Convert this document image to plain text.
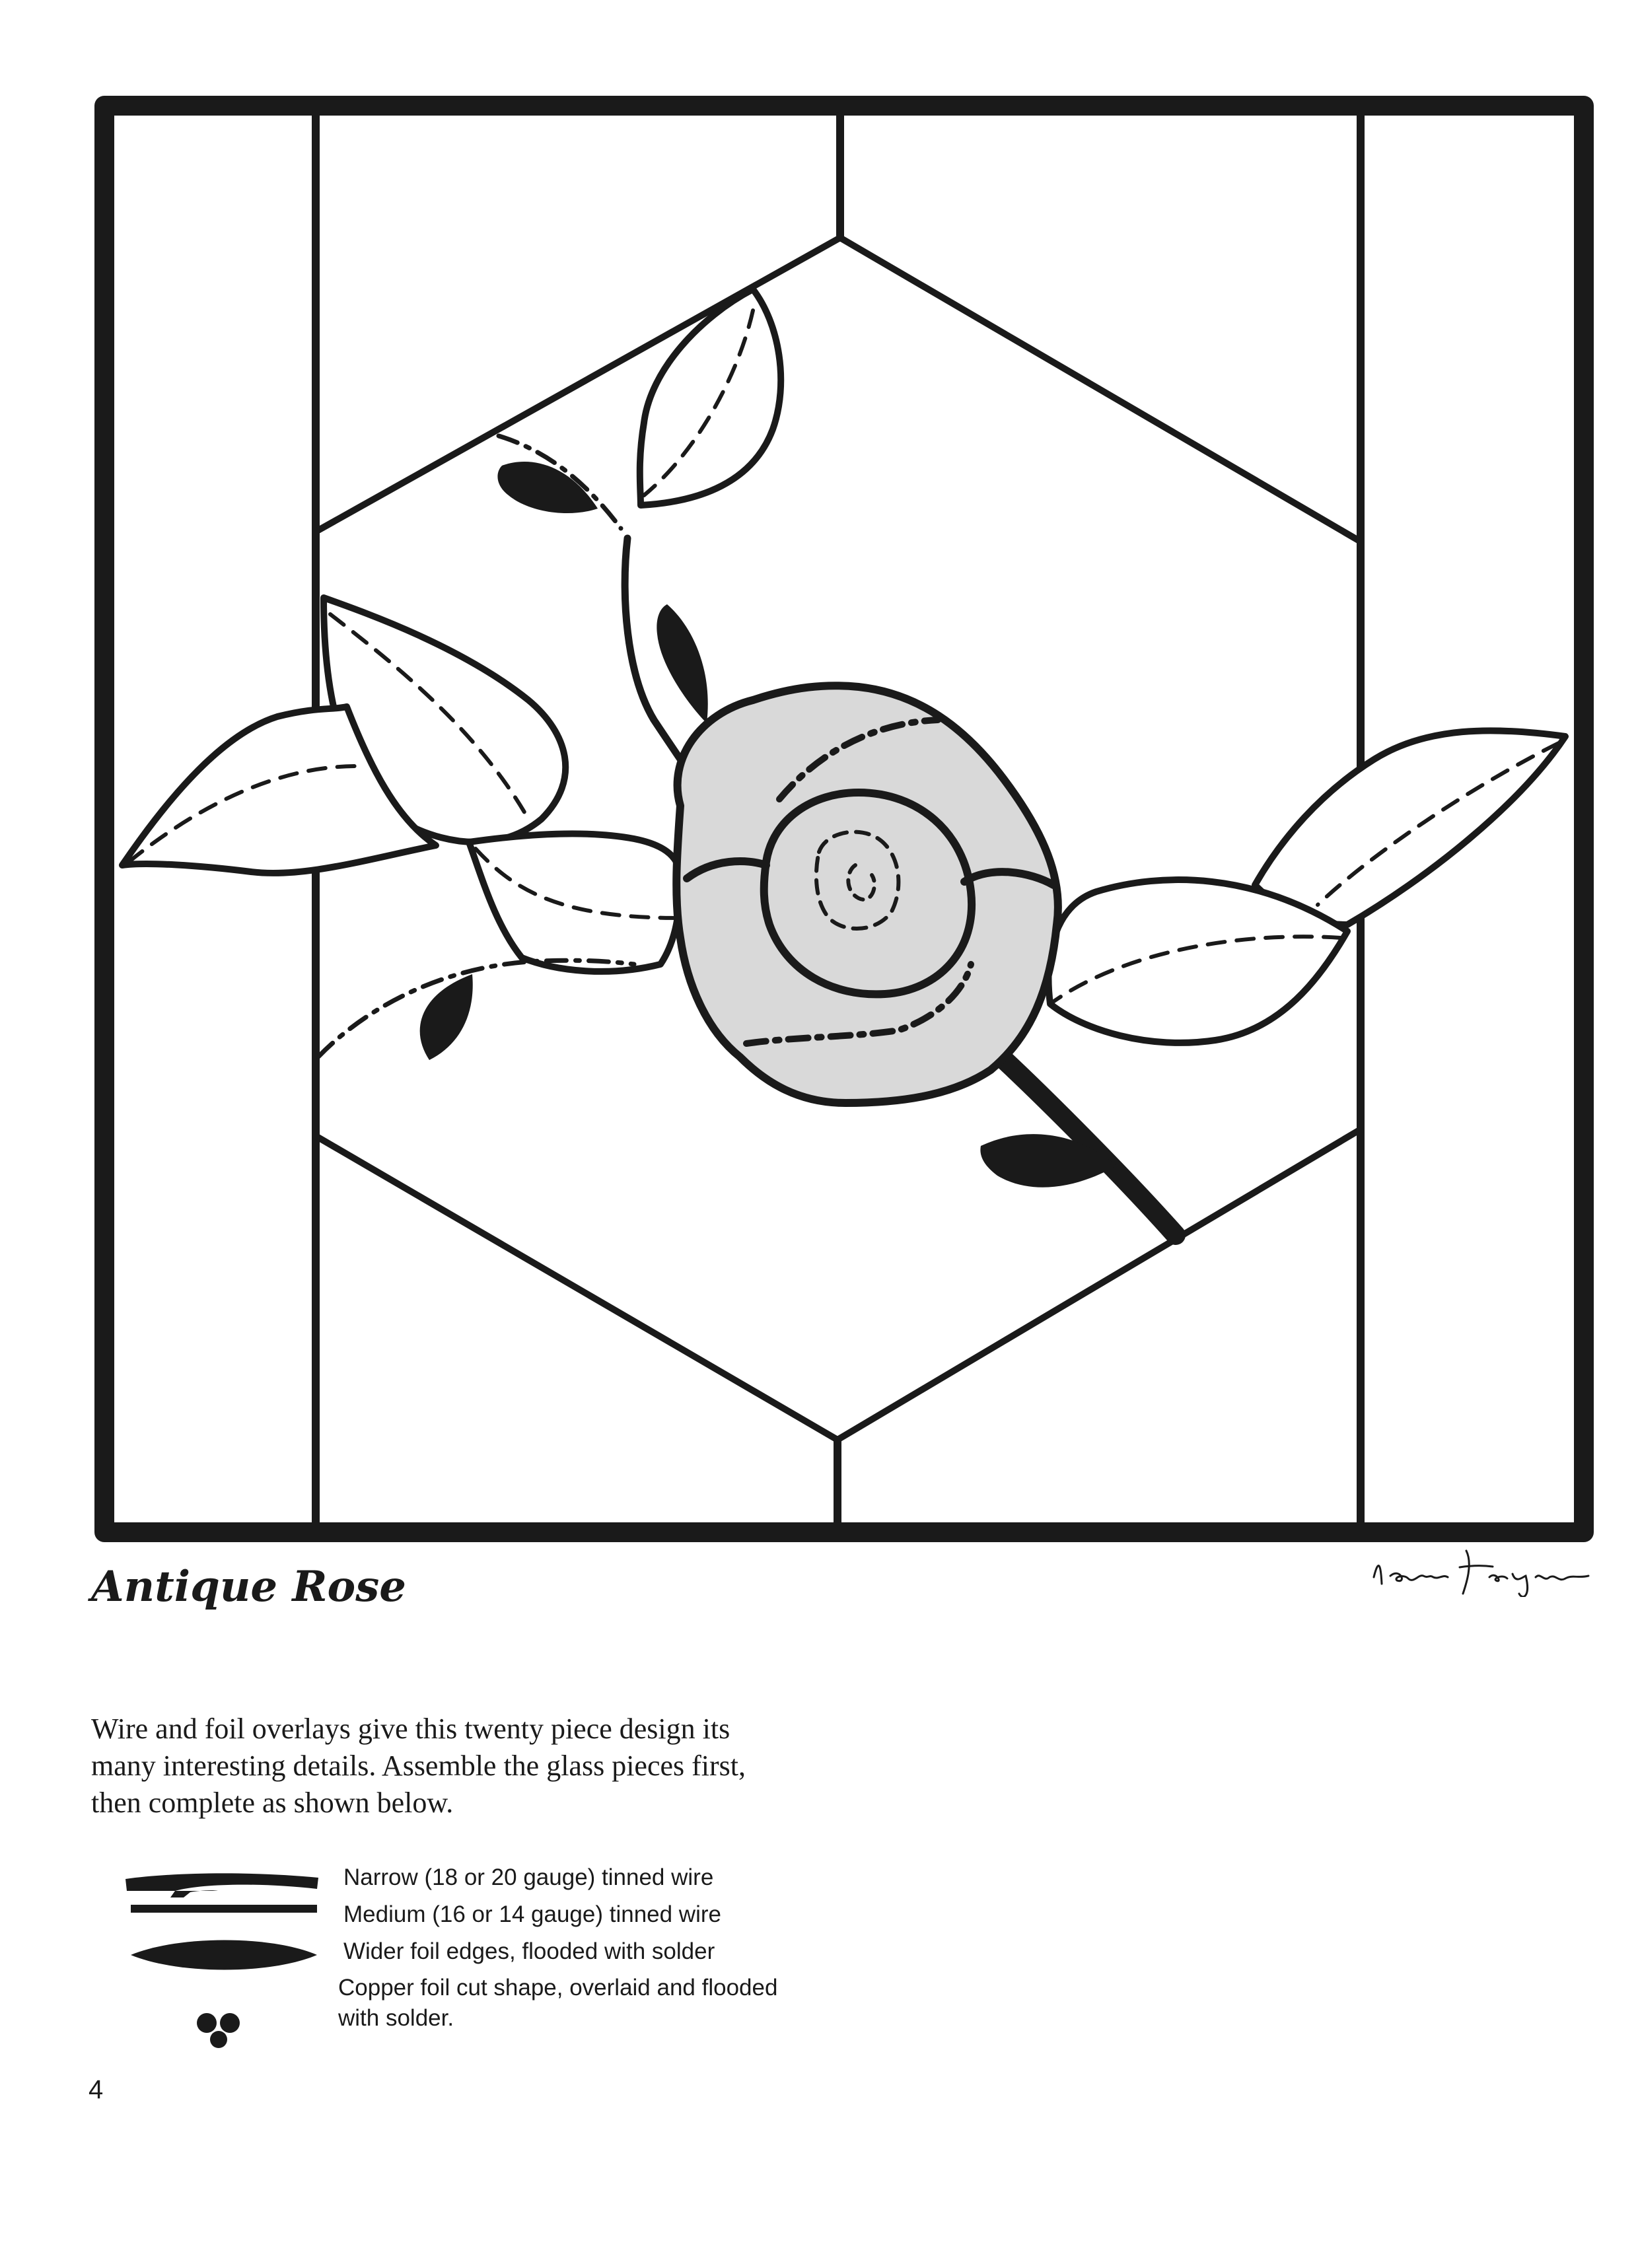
Antique Rose

Wire and foil overlays give this twenty piece design its many interesting details. Assemble the glass pieces first, then complete as shown below.

Narrow (18 or 20 gauge) tinned wire
Medium (16 or 14 gauge) tinned wire
Wider foil edges, flooded with solder
Copper foil cut shape, overlaid and flooded with solder.
4
